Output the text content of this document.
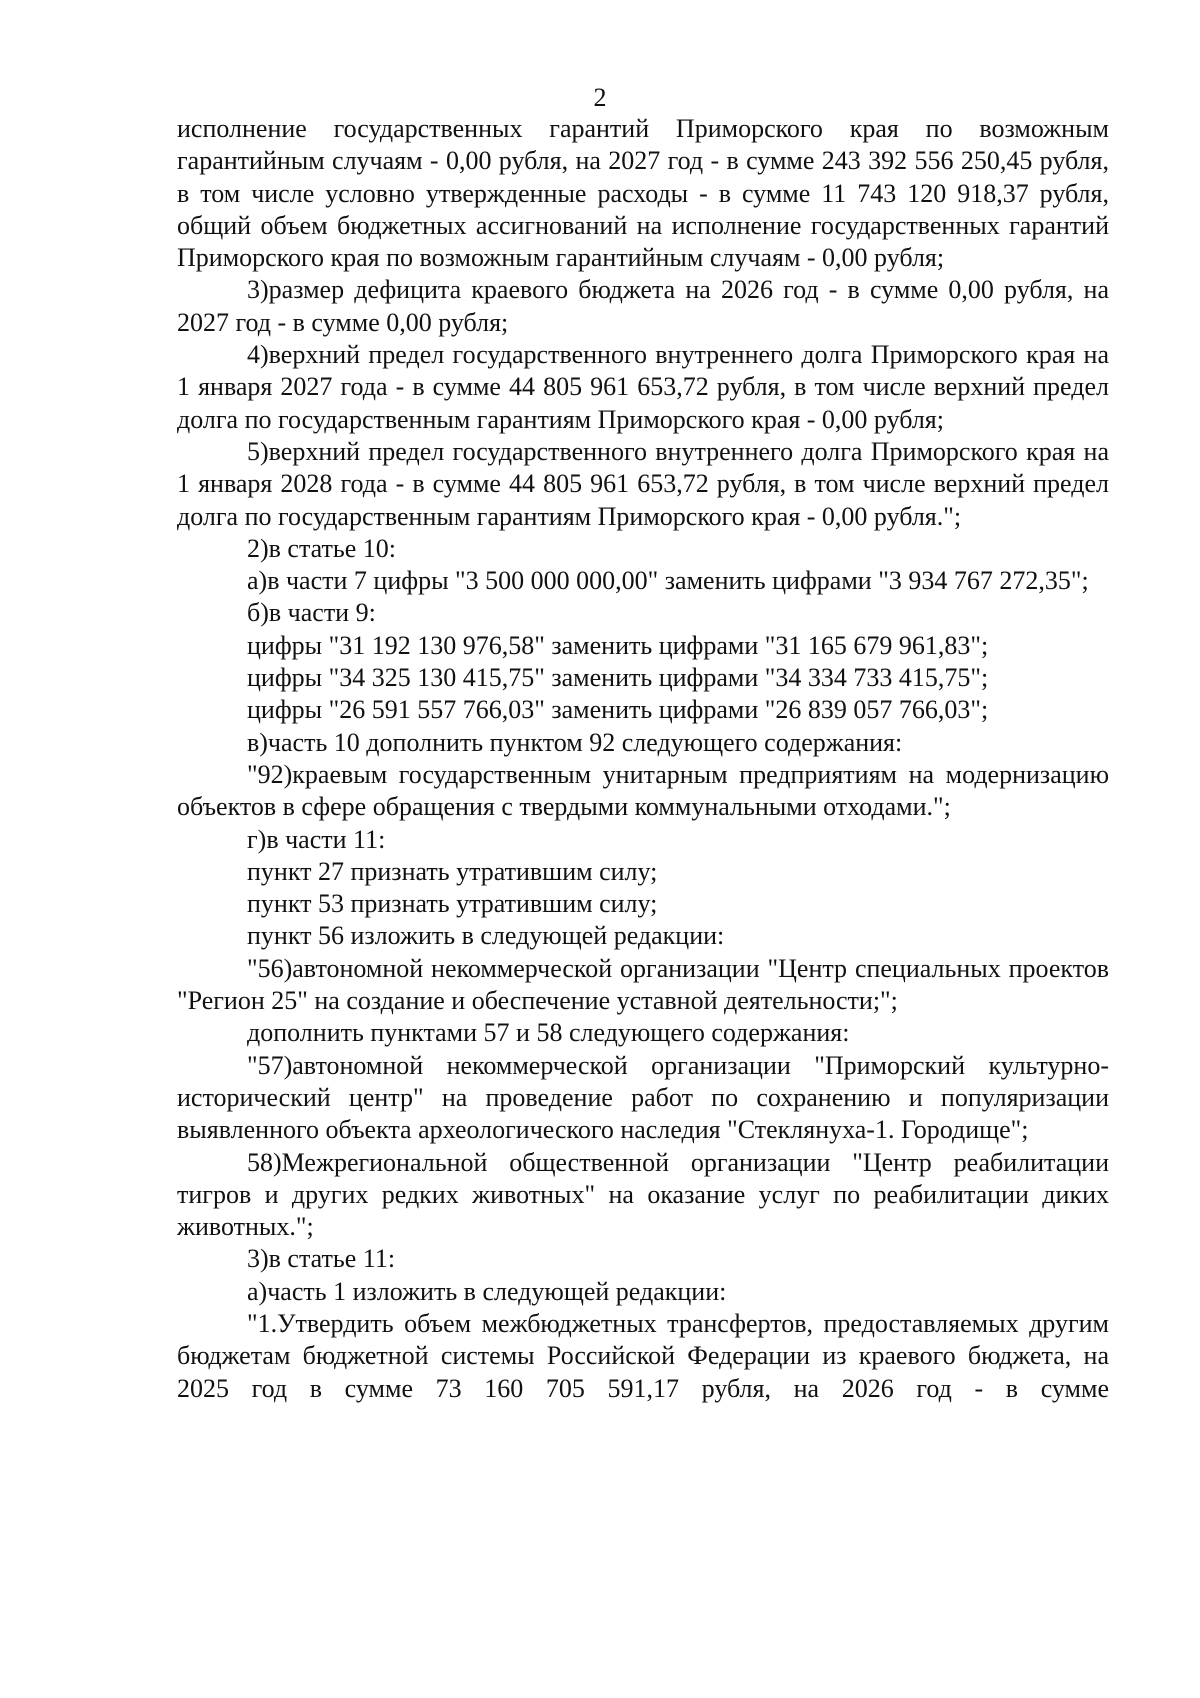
2

исполнение государственных гарантий Приморского края по возможным гарантийным случаям - 0,00 рубля, на 2027 год - в сумме 243 392 556 250,45 рубля, в том числе условно утвержденные расходы - в сумме 11 743 120 918,37 рубля, общий объем бюджетных ассигнований на исполнение государственных гарантий Приморского края по возможным гарантийным случаям - 0,00 рубля;

3)размер дефицита краевого бюджета на 2026 год - в сумме 0,00 рубля, на 2027 год - в сумме 0,00 рубля;

4)верхний предел государственного внутреннего долга Приморского края на 1 января 2027 года - в сумме 44 805 961 653,72 рубля, в том числе верхний предел долга по государственным гарантиям Приморского края - 0,00 рубля;

5)верхний предел государственного внутреннего долга Приморского края на 1 января 2028 года - в сумме 44 805 961 653,72 рубля, в том числе верхний предел долга по государственным гарантиям Приморского края - 0,00 рубля.";

2)в статье 10:

а)в части 7 цифры "3 500 000 000,00" заменить цифрами "3 934 767 272,35";

б)в части 9:

цифры "31 192 130 976,58" заменить цифрами "31 165 679 961,83";

цифры "34 325 130 415,75" заменить цифрами "34 334 733 415,75";

цифры "26 591 557 766,03" заменить цифрами "26 839 057 766,03";

в)часть 10 дополнить пунктом 92 следующего содержания:

"92)краевым государственным унитарным предприятиям на модернизацию объектов в сфере обращения с твердыми коммунальными отходами.";

г)в части 11:

пункт 27 признать утратившим силу;

пункт 53 признать утратившим силу;

пункт 56 изложить в следующей редакции:

"56)автономной некоммерческой организации "Центр специальных проектов "Регион 25" на создание и обеспечение уставной деятельности;";

дополнить пунктами 57 и 58 следующего содержания:

"57)автономной некоммерческой организации "Приморский культурно-исторический центр" на проведение работ по сохранению и популяризации выявленного объекта археологического наследия "Стеклянуха-1. Городище";

58)Межрегиональной общественной организации "Центр реабилитации тигров и других редких животных" на оказание услуг по реабилитации диких животных.";

3)в статье 11:

а)часть 1 изложить в следующей редакции:

"1.Утвердить объем межбюджетных трансфертов, предоставляемых другим бюджетам бюджетной системы Российской Федерации из краевого бюджета, на 2025 год в сумме 73 160 705 591,17 рубля, на 2026 год - в сумме
